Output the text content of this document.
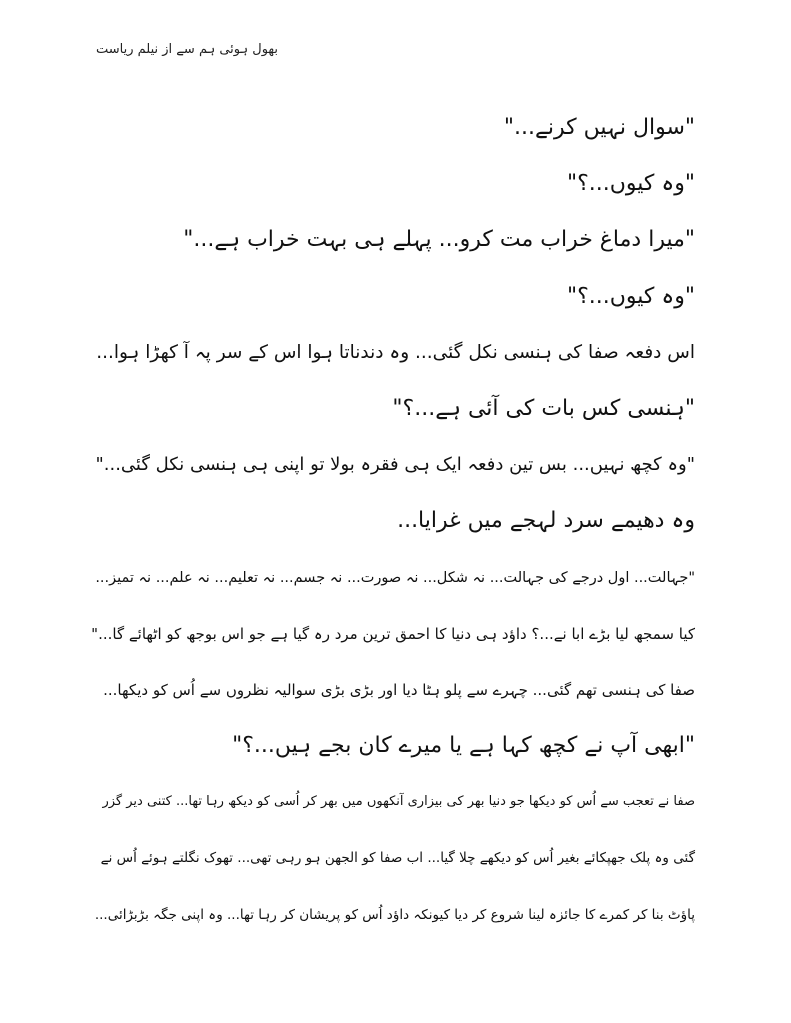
بھول ہوئی ہم سے از نیلم ریاست
"سوال نہیں کرنے..."
"وہ کیوں...؟"
"میرا دماغ خراب مت کرو... پہلے ہی بہت خراب ہے..."
"وہ کیوں...؟"
اس دفعہ صفا کی ہنسی نکل گئی... وہ دندناتا ہوا اس کے سر پہ آ کھڑا ہوا...
"ہنسی کس بات کی آئی ہے...؟"
"وہ کچھ نہیں... بس تین دفعہ ایک ہی فقرہ بولا تو اپنی ہی ہنسی نکل گئی..."
وہ دھیمے سرد لہجے میں غرایا...
"جہالت... اول درجے کی جہالت... نہ شکل... نہ صورت... نہ جسم... نہ تعلیم... نہ علم... نہ تمیز...
کیا سمجھ لیا بڑے ابا نے...؟ داؤد ہی دنیا کا احمق ترین مرد رہ گیا ہے جو اس بوجھ کو اٹھائے گا..."
صفا کی ہنسی تھم گئی... چہرے سے پلو ہٹا دیا اور بڑی بڑی سوالیہ نظروں سے اُس کو دیکھا...
"ابھی آپ نے کچھ کہا ہے یا میرے کان بجے ہیں...؟"
صفا نے تعجب سے اُس کو دیکھا جو دنیا بھر کی بیزاری آنکھوں میں بھر کر اُسی کو دیکھ رہا تھا... کتنی دیر گزر
گئی وہ پلک جھپکائے بغیر اُس کو دیکھے چلا گیا... اب صفا کو الجھن ہو رہی تھی... تھوک نگلتے ہوئے اُس نے
پاؤٹ بنا کر کمرے کا جائزہ لینا شروع کر دیا کیونکہ داؤد اُس کو پریشان کر رہا تھا... وہ اپنی جگہ بڑبڑائی...
